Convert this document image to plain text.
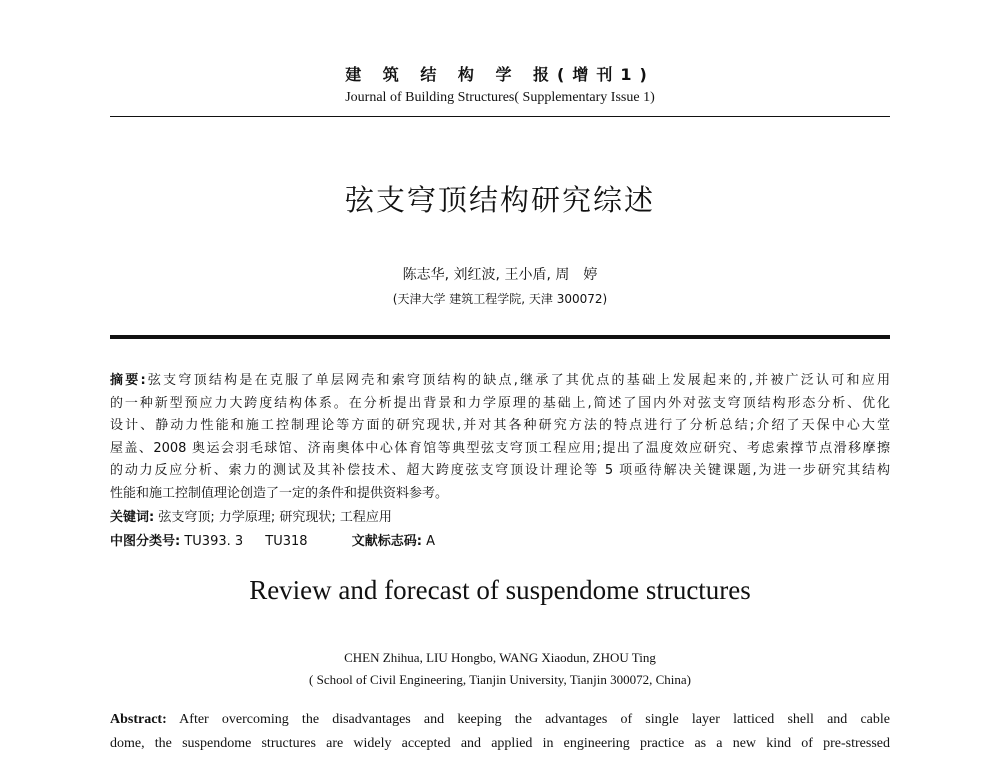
建 筑 结 构 学 报(增刊1)
Journal of Building Structures( Supplementary Issue 1)
弦支穹顶结构研究综述
陈志华, 刘红波, 王小盾, 周　婷
(天津大学 建筑工程学院, 天津 300072)
摘要:弦支穹顶结构是在克服了单层网壳和索穹顶结构的缺点,继承了其优点的基础上发展起来的,并被广泛认可和应用
的一种新型预应力大跨度结构体系。在分析提出背景和力学原理的基础上,简述了国内外对弦支穹顶结构形态分析、优化
设计、静动力性能和施工控制理论等方面的研究现状,并对其各种研究方法的特点进行了分析总结;介绍了天保中心大堂
屋盖、2008 奥运会羽毛球馆、济南奥体中心体育馆等典型弦支穹顶工程应用;提出了温度效应研究、考虑索撑节点滑移摩擦
的动力反应分析、索力的测试及其补偿技术、超大跨度弦支穹顶设计理论等 5 项亟待解决关键课题,为进一步研究其结构
性能和施工控制值理论创造了一定的条件和提供资料参考。
关键词: 弦支穹顶; 力学原理; 研究现状; 工程应用
中图分类号: TU393. 3 TU318	文献标志码: A
Review and forecast of suspendome structures
CHEN Zhihua, LIU Hongbo, WANG Xiaodun, ZHOU Ting
( School of Civil Engineering, Tianjin University, Tianjin 300072, China)
Abstract: After overcoming the disadvantages and keeping the advantages of single layer latticed shell and cable
dome, the suspendome structures are widely accepted and applied in engineering practice as a new kind of pre-stressed
